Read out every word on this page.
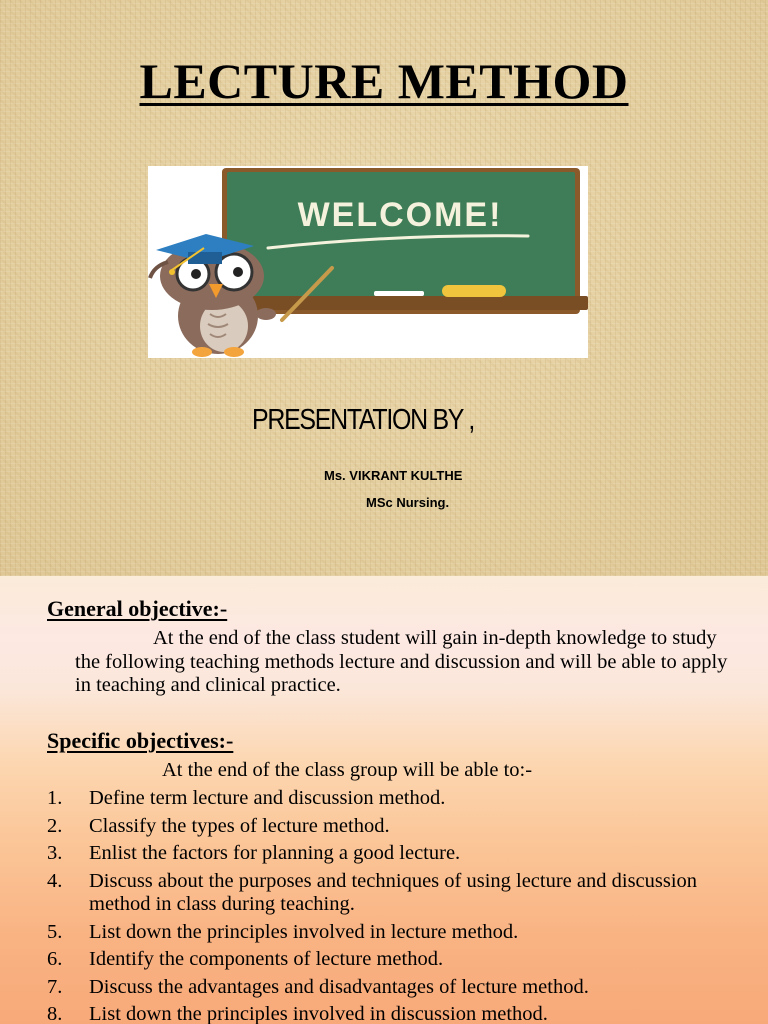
LECTURE METHOD
WELCOME!
PRESENTATION BY ,
Ms. VIKRANT KULTHE
MSc Nursing.
General objective:-

At the end of the class student will gain in-depth knowledge to study the following teaching methods lecture and discussion and will be able to apply in teaching and clinical practice.

Specific objectives:-
At the end of the class group will be able to:-
1. Define term lecture and discussion method.
2. Classify the types of lecture method.
3. Enlist the factors for planning a good lecture.
4. Discuss about the purposes and techniques of using lecture and discussion method in class during teaching.
5. List down the principles involved in lecture method.
6. Identify the components of lecture method.
7. Discuss the advantages and disadvantages of lecture method.
8. List down the principles involved in discussion method.
